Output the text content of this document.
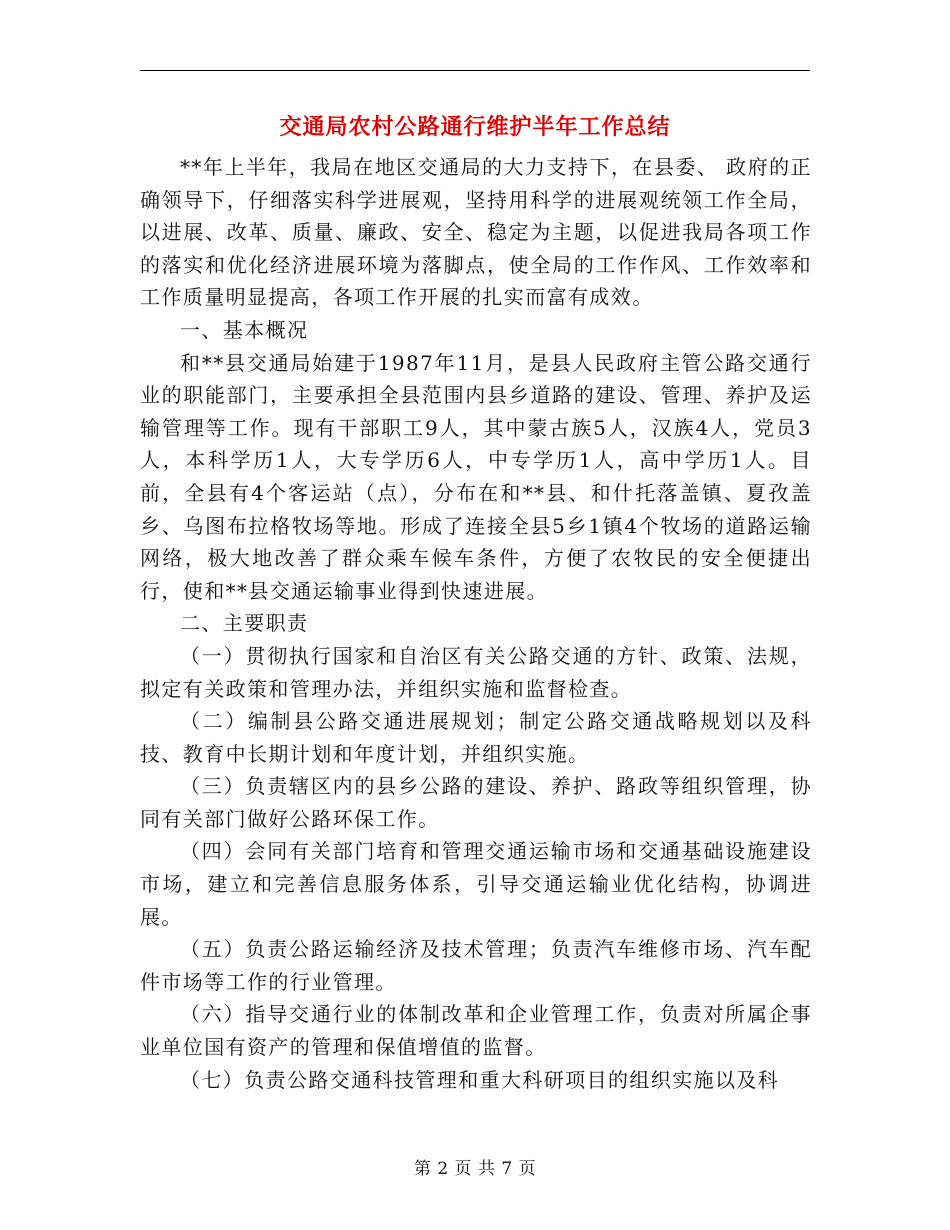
交通局农村公路通行维护半年工作总结

**年上半年，我局在地区交通局的大力支持下，在县委、 政府的正确领导下，仔细落实科学进展观，坚持用科学的进展观统领工作全局，以进展、改革、质量、廉政、安全、稳定为主题，以促进我局各项工作的落实和优化经济进展环境为落脚点，使全局的工作作风、工作效率和工作质量明显提高，各项工作开展的扎实而富有成效。

一、基本概况

和**县交通局始建于1987年11月，是县人民政府主管公路交通行业的职能部门，主要承担全县范围内县乡道路的建设、管理、养护及运输管理等工作。现有干部职工9人，其中蒙古族5人，汉族4人，党员3人，本科学历1人，大专学历6人，中专学历1人，高中学历1人。目前，全县有4个客运站（点），分布在和**县、和什托落盖镇、夏孜盖乡、乌图布拉格牧场等地。形成了连接全县5乡1镇4个牧场的道路运输网络，极大地改善了群众乘车候车条件，方便了农牧民的安全便捷出行，使和**县交通运输事业得到快速进展。

二、主要职责

（一）贯彻执行国家和自治区有关公路交通的方针、政策、法规，拟定有关政策和管理办法，并组织实施和监督检查。

（二）编制县公路交通进展规划；制定公路交通战略规划以及科技、教育中长期计划和年度计划，并组织实施。

（三）负责辖区内的县乡公路的建设、养护、路政等组织管理，协同有关部门做好公路环保工作。

（四）会同有关部门培育和管理交通运输市场和交通基础设施建设市场，建立和完善信息服务体系，引导交通运输业优化结构，协调进展。

（五）负责公路运输经济及技术管理；负责汽车维修市场、汽车配件市场等工作的行业管理。

（六）指导交通行业的体制改革和企业管理工作，负责对所属企事业单位国有资产的管理和保值增值的监督。

（七）负责公路交通科技管理和重大科研项目的组织实施以及科

第 2 页 共 7 页
